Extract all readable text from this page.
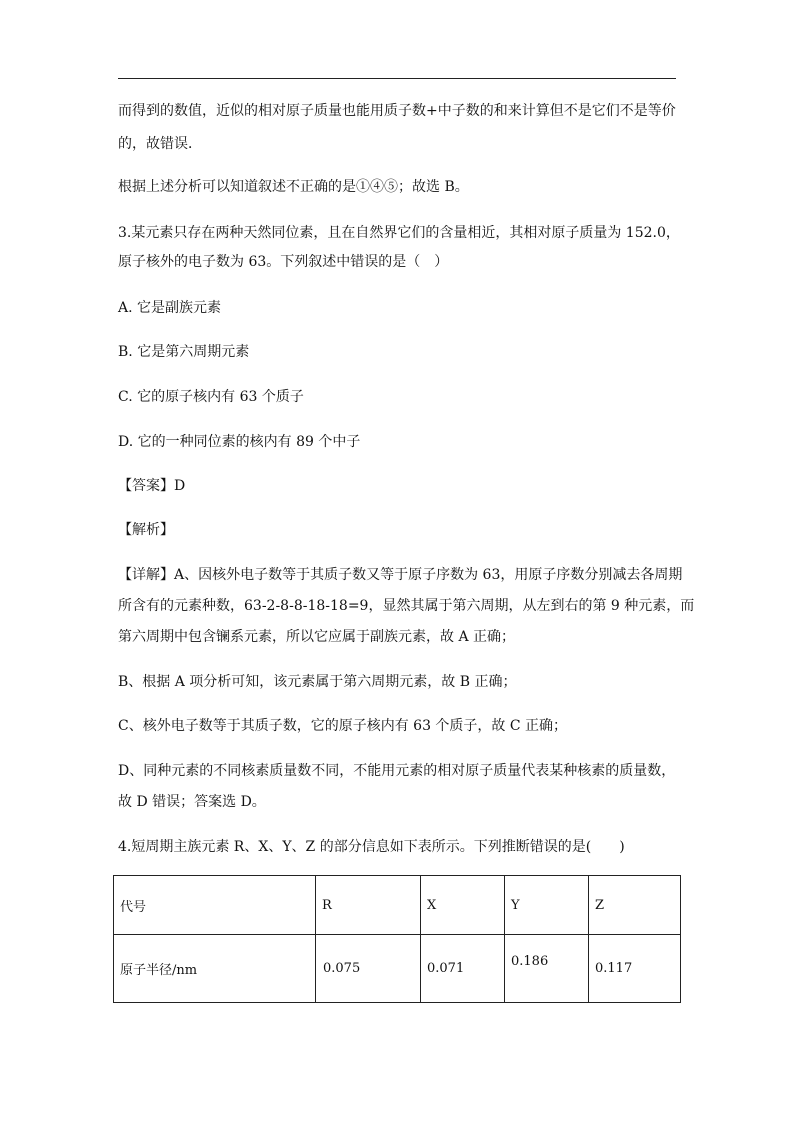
而得到的数值，近似的相对原子质量也能用质子数+中子数的和来计算但不是它们不是等价
的，故错误．
根据上述分析可以知道叙述不正确的是①④⑤；故选 B。
3.某元素只存在两种天然同位素，且在自然界它们的含量相近，其相对原子质量为 152.0，
原子核外的电子数为 63。下列叙述中错误的是（　）
A. 它是副族元素
B. 它是第六周期元素
C. 它的原子核内有 63 个质子
D. 它的一种同位素的核内有 89 个中子
【答案】D
【解析】
【详解】A、因核外电子数等于其质子数又等于原子序数为 63，用原子序数分别减去各周期
所含有的元素种数，63-2-8-8-18-18=9，显然其属于第六周期，从左到右的第 9 种元素，而
第六周期中包含镧系元素，所以它应属于副族元素，故 A 正确；
B、根据 A 项分析可知，该元素属于第六周期元素，故 B 正确；
C、核外电子数等于其质子数，它的原子核内有 63 个质子，故 C 正确；
D、同种元素的不同核素质量数不同，不能用元素的相对原子质量代表某种核素的质量数，
故 D 错误；答案选 D。
4.短周期主族元素 R、X、Y、Z 的部分信息如下表所示。下列推断错误的是(　　)
代号	R	X	Y	Z
原子半径/nm	0.075	0.071	0.186	0.117
